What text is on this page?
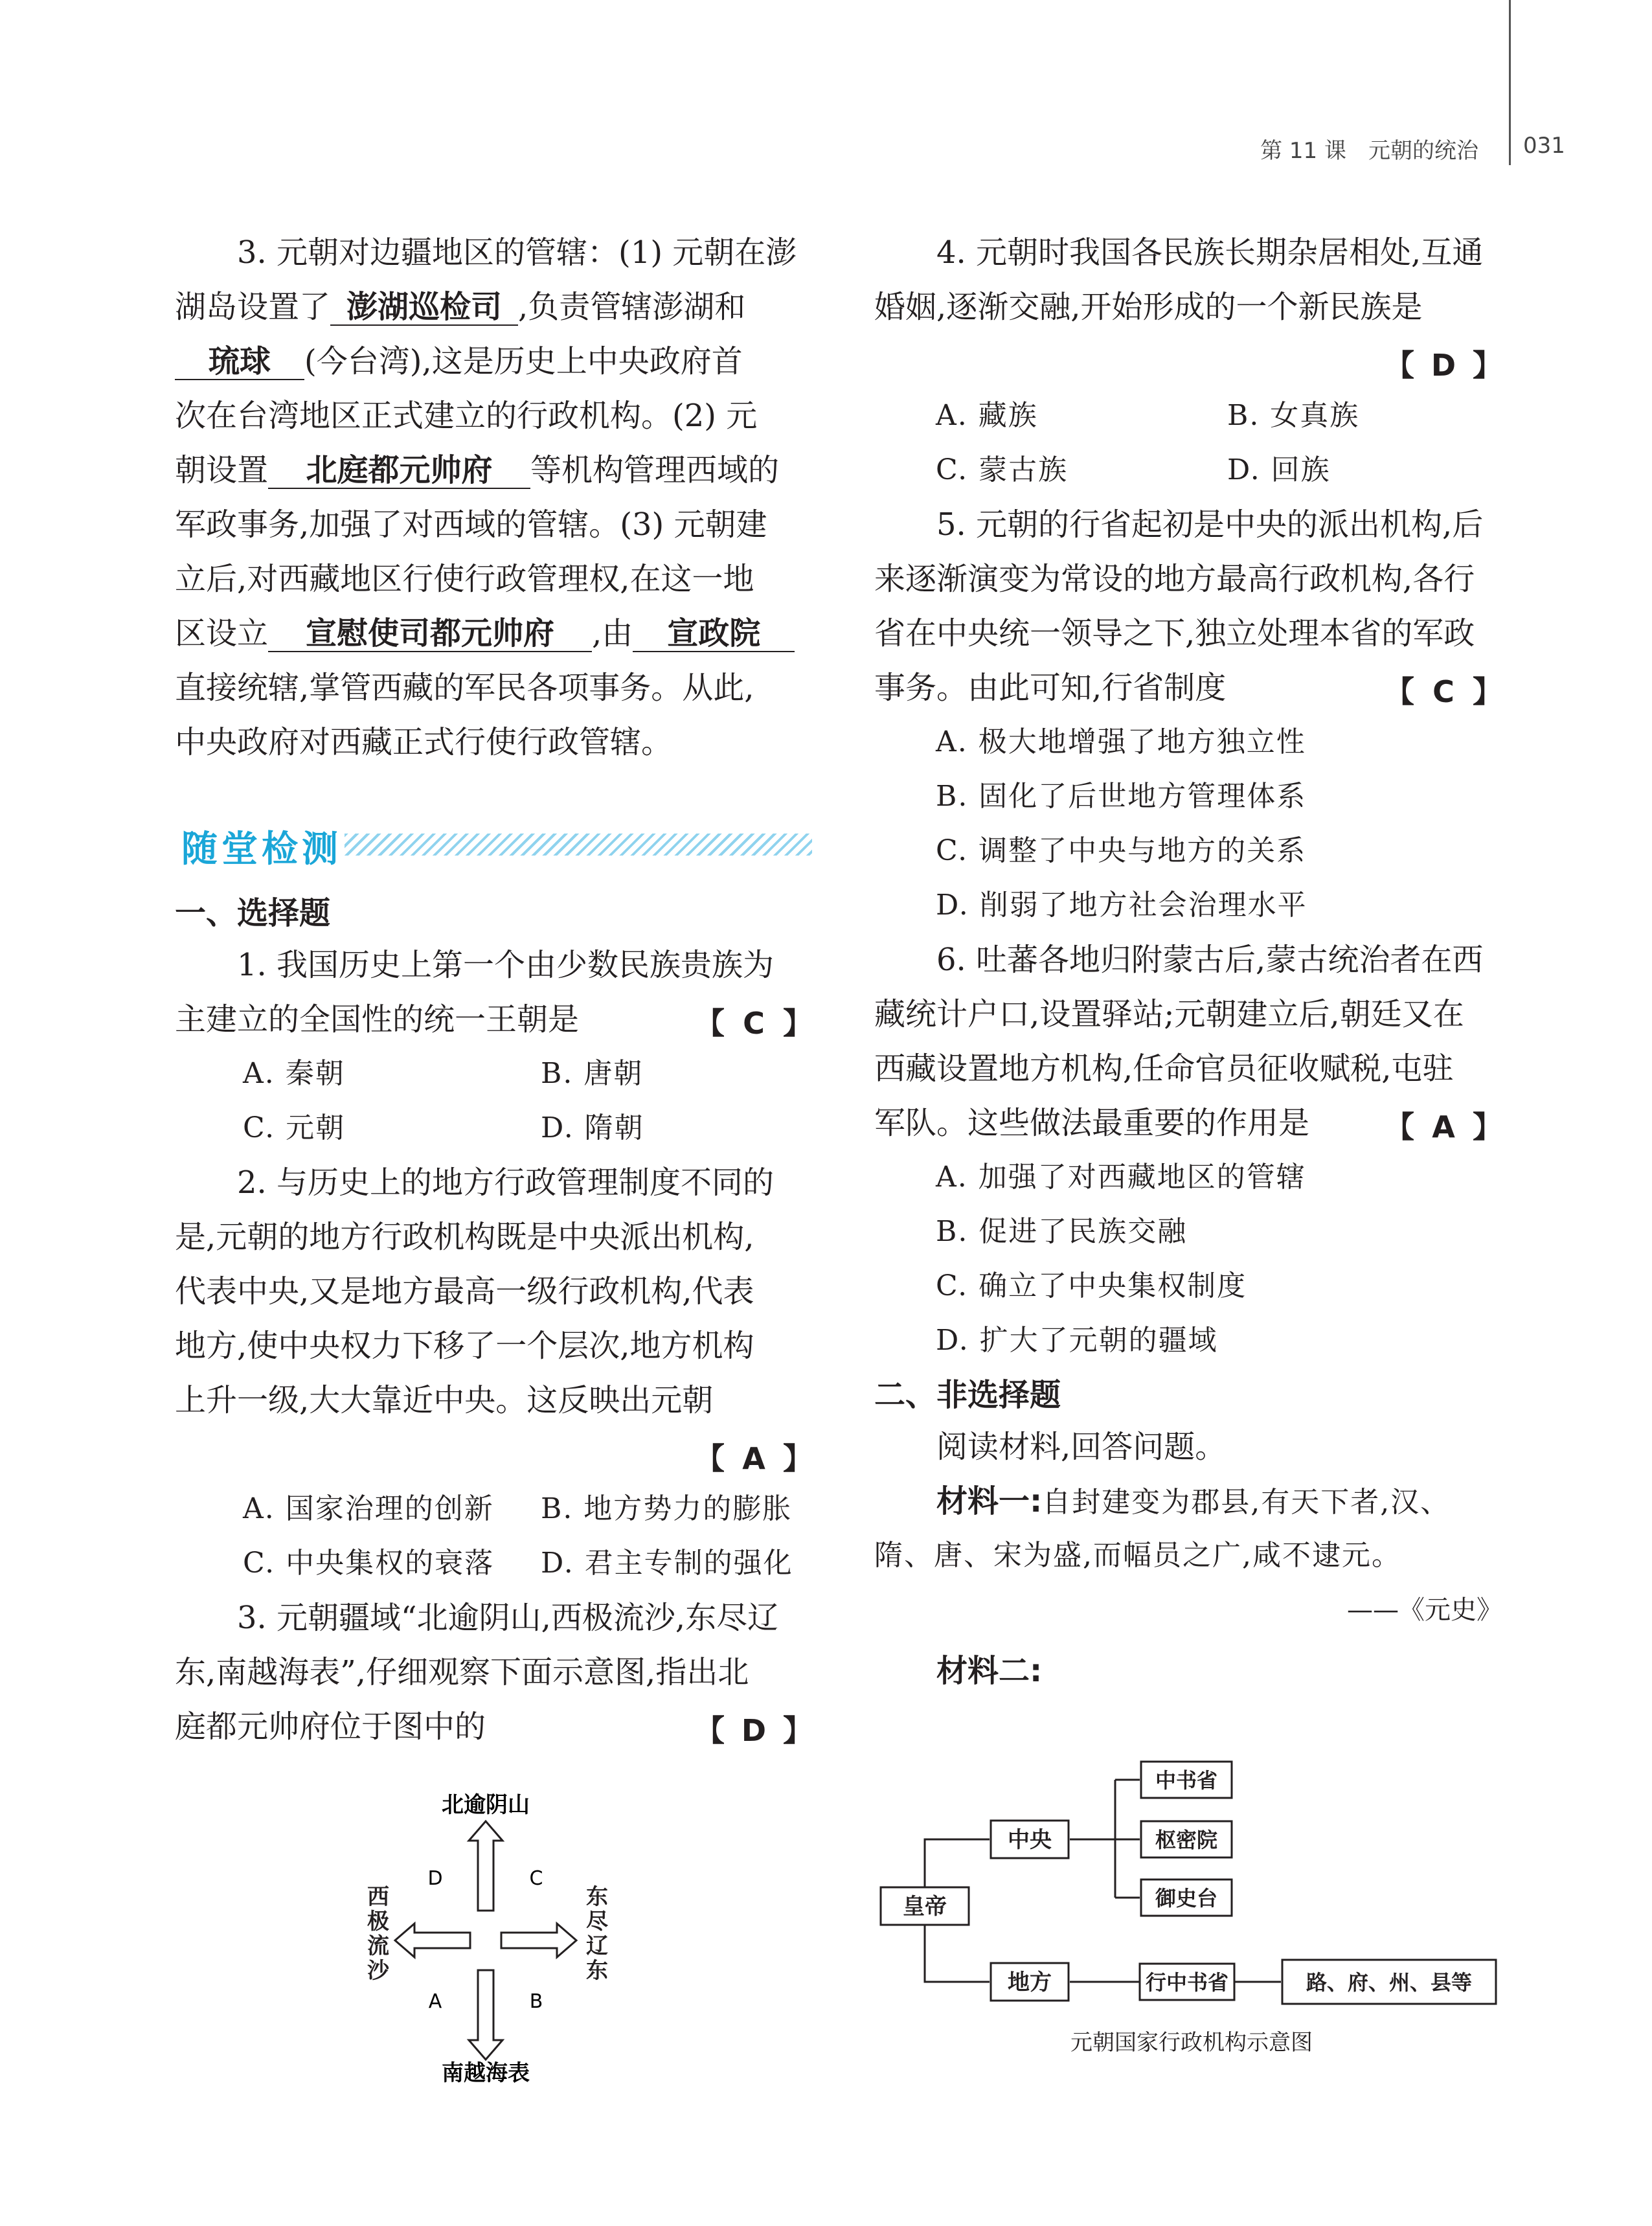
第 11 课　元朝的统治 031
3. 元朝对边疆地区的管辖：(1) 元朝在澎
湖岛设置了 澎湖巡检司 ,负责管辖澎湖和
琉球 (今台湾),这是历史上中央政府首
次在台湾地区正式建立的行政机构。(2) 元
朝设置 北庭都元帅府 等机构管理西域的
军政事务,加强了对西域的管辖。(3) 元朝建
立后,对西藏地区行使行政管理权,在这一地
区设立 宣慰使司都元帅府 ,由 宣政院
直接统辖,掌管西藏的军民各项事务。从此,
中央政府对西藏正式行使行政管辖。
随堂检测
一、选择题
1. 我国历史上第一个由少数民族贵族为
主建立的全国性的统一王朝是	【 C 】
A. 秦朝	B. 唐朝
C. 元朝	D. 隋朝
2. 与历史上的地方行政管理制度不同的
是,元朝的地方行政机构既是中央派出机构,
代表中央,又是地方最高一级行政机构,代表
地方,使中央权力下移了一个层次,地方机构
上升一级,大大靠近中央。这反映出元朝
【 A 】
A. 国家治理的创新 B. 地方势力的膨胀
C. 中央集权的衰落 D. 君主专制的强化
3. 元朝疆域“北逾阴山,西极流沙,东尽辽
东,南越海表”,仔细观察下面示意图,指出北
庭都元帅府位于图中的	【 D 】
北逾阴山
南越海表
D	C
A	B
西极流沙
东尽辽东
4. 元朝时我国各民族长期杂居相处,互通
婚姻,逐渐交融,开始形成的一个新民族是
【 D 】
A. 藏族	B. 女真族
C. 蒙古族	D. 回族
5. 元朝的行省起初是中央的派出机构,后
来逐渐演变为常设的地方最高行政机构,各行
省在中央统一领导之下,独立处理本省的军政
事务。由此可知,行省制度	【 C 】
A. 极大地增强了地方独立性
B. 固化了后世地方管理体系
C. 调整了中央与地方的关系
D. 削弱了地方社会治理水平
6. 吐蕃各地归附蒙古后,蒙古统治者在西
藏统计户口,设置驿站;元朝建立后,朝廷又在
西藏设置地方机构,任命官员征收赋税,屯驻
军队。这些做法最重要的作用是	【 A 】
A. 加强了对西藏地区的管辖
B. 促进了民族交融
C. 确立了中央集权制度
D. 扩大了元朝的疆域
二、非选择题
阅读材料,回答问题。
材料一:自封建变为郡县,有天下者,汉、
隋、唐、宋为盛,而幅员之广,咸不逮元。
——《元史》
材料二:
皇帝
中央
地方
中书省
枢密院
御史台
行中书省	路、府、州、县等
元朝国家行政机构示意图
